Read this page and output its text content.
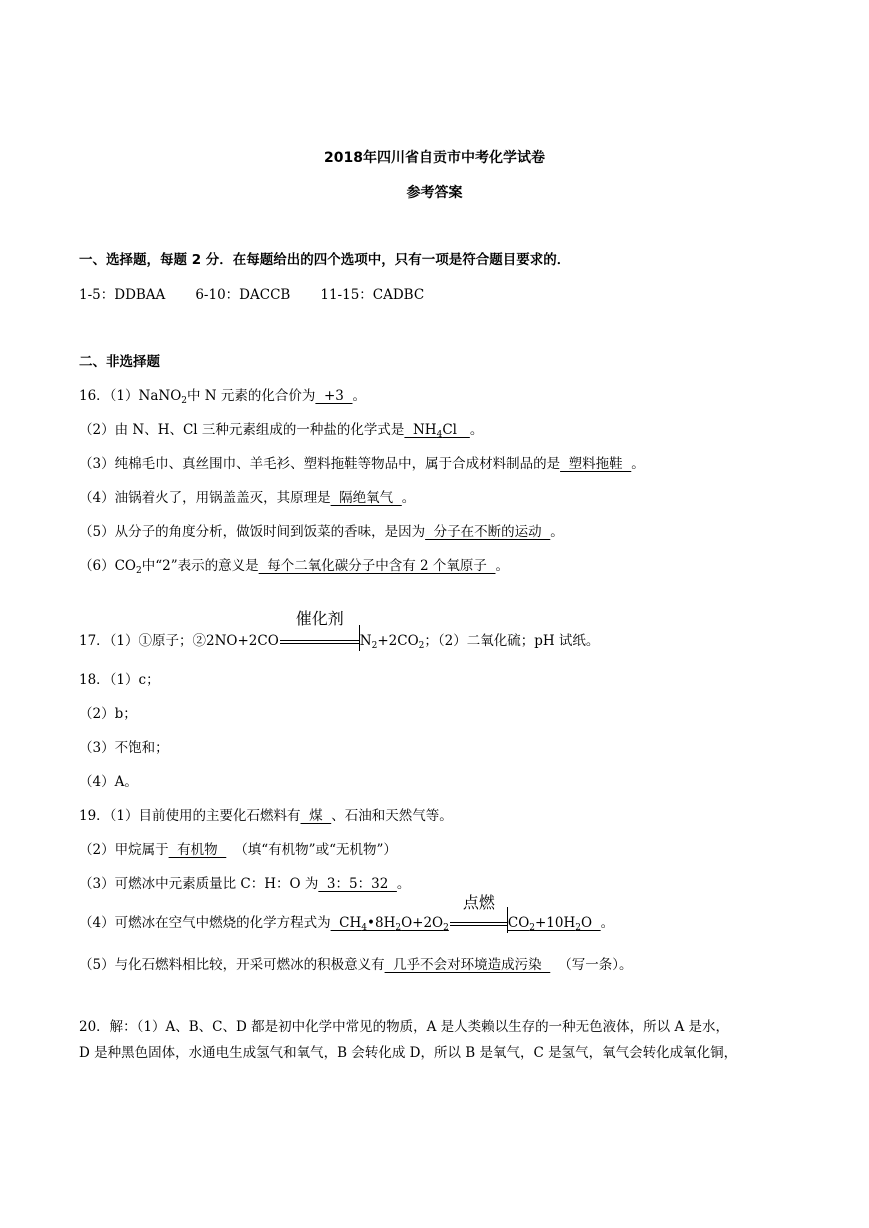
2018年四川省自贡市中考化学试卷
参考答案
一、选择题，每题 2 分．在每题给出的四个选项中，只有一项是符合题目要求的．
1-5：DDBAA       6-10：DACCB       11-15：CADBC
二、非选择题
16．（1）NaNO$_2$中 N 元素的化合价为  +3  。
（2）由 N、H、Cl 三种元素组成的一种盐的化学式是  $NH_4Cl$   。
（3）纯棉毛巾、真丝围巾、羊毛衫、塑料拖鞋等物品中，属于合成材料制品的是  塑料拖鞋  。
（4）油锅着火了，用锅盖盖灭，其原理是  隔绝氧气  。
（5）从分子的角度分析，做饭时间到饭菜的香味，是因为  分子在不断的运动  。
$(6)CO_2$中“2”表示的意义是  每个二氧化碳分子中含有 2 个氧原子  。
17．（1）①原子；②2NO+2CO
催化剂
$N_2+2CO_2$；（2）二氧化硫；pH 试纸。
18．（1）c；
（2）b；
（3）不饱和；
（4）A。
19．（1）目前使用的主要化石燃料有  煤  、石油和天然气等。
（2）甲烷属于  有机物  （填“有机物”或“无机物”）
（3）可燃冰中元素质量比 C：H：O 为  3：5：32  。
（4）可燃冰在空气中燃烧的化学方程式为  $CH_4•8H_2O+2O_2$
点燃
$CO_2+10H_2O$  。
（5）与化石燃料相比较，开采可燃冰的积极意义有  几乎不会对环境造成污染  （写一条）。
20．解：（1）A、B、C、D 都是初中化学中常见的物质，A 是人类赖以生存的一种无色液体，所以 A 是水，
D 是种黑色固体，水通电生成氢气和氧气，B 会转化成 D，所以 B 是氧气，C 是氢气，氧气会转化成氧化铜，
